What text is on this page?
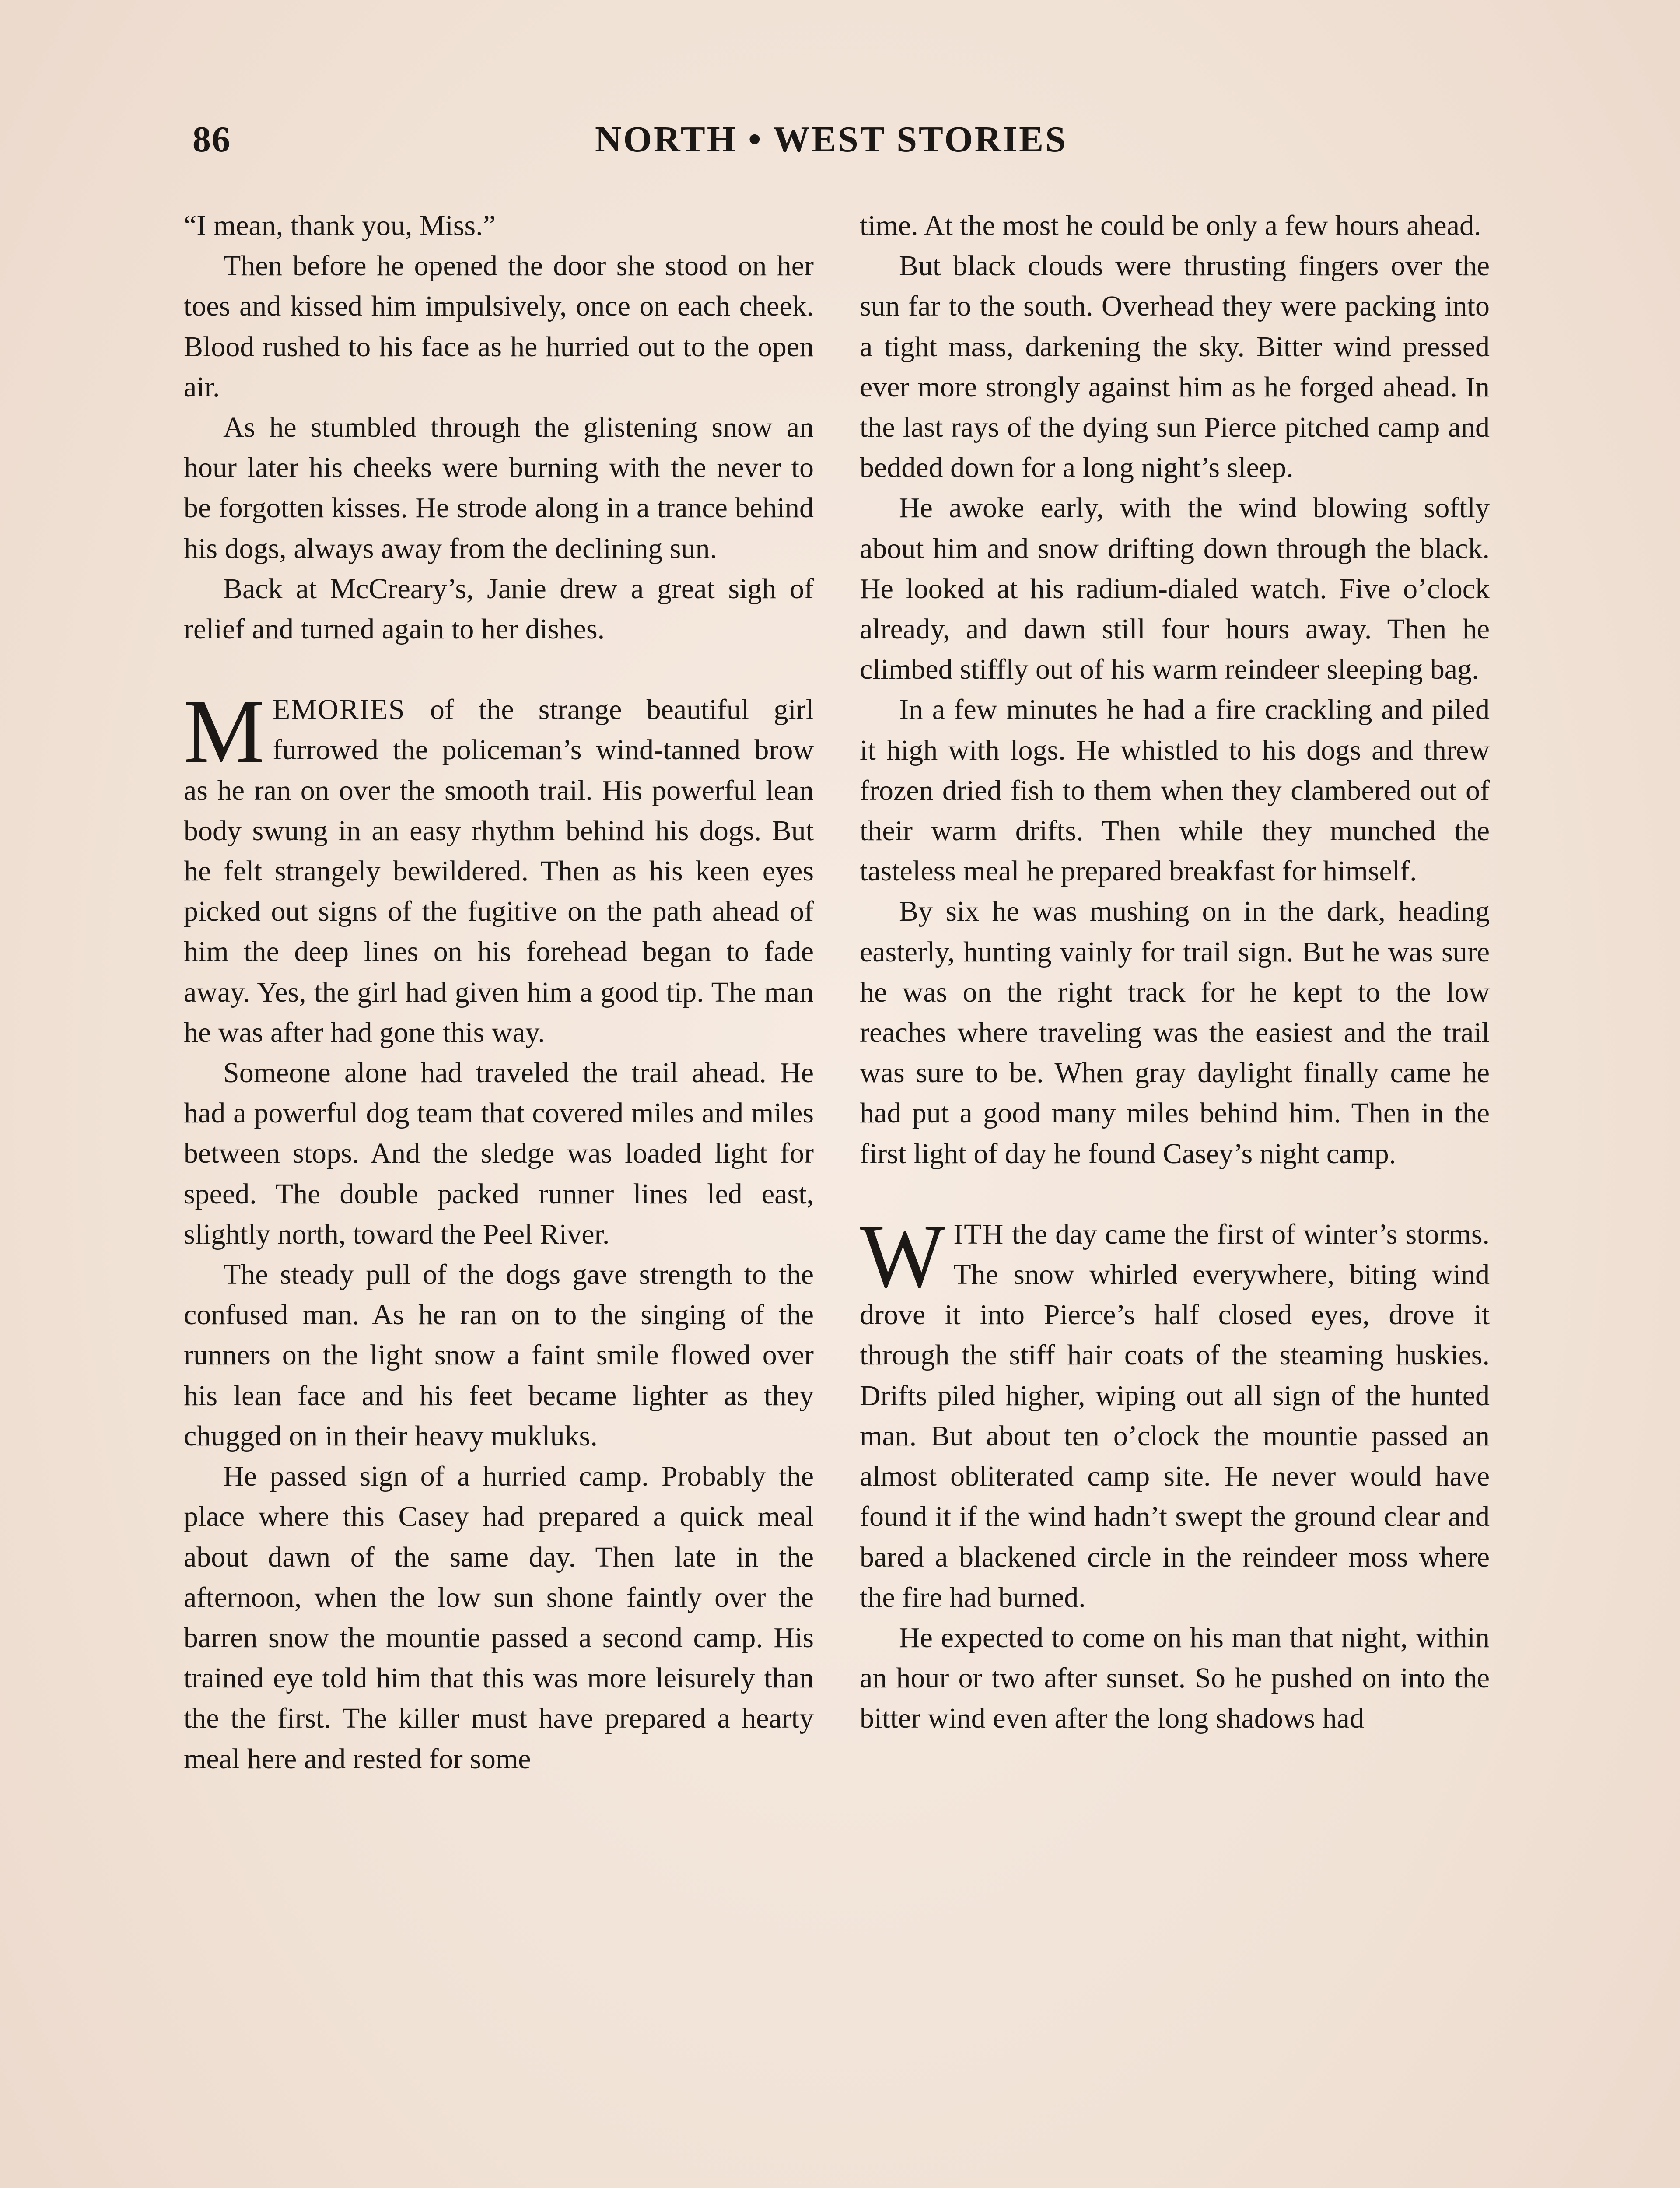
86	NORTH • WEST STORIES

“I mean, thank you, Miss.”

Then before he opened the door she stood on her toes and kissed him impulsively, once on each cheek. Blood rushed to his face as he hurried out to the open air.

As he stumbled through the glistening snow an hour later his cheeks were burning with the never to be forgotten kisses. He strode along in a trance behind his dogs, always away from the declining sun.

Back at McCreary’s, Janie drew a great sigh of relief and turned again to her dishes.

MEMORIES of the strange beautiful girl furrowed the policeman’s wind-tanned brow as he ran on over the smooth trail. His powerful lean body swung in an easy rhythm behind his dogs. But he felt strangely bewildered. Then as his keen eyes picked out signs of the fugitive on the path ahead of him the deep lines on his forehead began to fade away. Yes, the girl had given him a good tip. The man he was after had gone this way.

Someone alone had traveled the trail ahead. He had a powerful dog team that covered miles and miles between stops. And the sledge was loaded light for speed. The double packed runner lines led east, slightly north, toward the Peel River.

The steady pull of the dogs gave strength to the confused man. As he ran on to the singing of the runners on the light snow a faint smile flowed over his lean face and his feet became lighter as they chugged on in their heavy mukluks.

He passed sign of a hurried camp. Probably the place where this Casey had prepared a quick meal about dawn of the same day. Then late in the afternoon, when the low sun shone faintly over the barren snow the mountie passed a second camp. His trained eye told him that this was more leisurely than the the first. The killer must have prepared a hearty meal here and rested for some

time. At the most he could be only a few hours ahead.

But black clouds were thrusting fingers over the sun far to the south. Overhead they were packing into a tight mass, darkening the sky. Bitter wind pressed ever more strongly against him as he forged ahead. In the last rays of the dying sun Pierce pitched camp and bedded down for a long night’s sleep.

He awoke early, with the wind blowing softly about him and snow drifting down through the black. He looked at his radium-dialed watch. Five o’clock already, and dawn still four hours away. Then he climbed stiffly out of his warm reindeer sleeping bag.

In a few minutes he had a fire crackling and piled it high with logs. He whistled to his dogs and threw frozen dried fish to them when they clambered out of their warm drifts. Then while they munched the tasteless meal he prepared breakfast for himself.

By six he was mushing on in the dark, heading easterly, hunting vainly for trail sign. But he was sure he was on the right track for he kept to the low reaches where traveling was the easiest and the trail was sure to be. When gray daylight finally came he had put a good many miles behind him. Then in the first light of day he found Casey’s night camp.

WITH the day came the first of winter’s storms. The snow whirled everywhere, biting wind drove it into Pierce’s half closed eyes, drove it through the stiff hair coats of the steaming huskies. Drifts piled higher, wiping out all sign of the hunted man. But about ten o’clock the mountie passed an almost obliterated camp site. He never would have found it if the wind hadn’t swept the ground clear and bared a blackened circle in the reindeer moss where the fire had burned.

He expected to come on his man that night, within an hour or two after sunset. So he pushed on into the bitter wind even after the long shadows had
